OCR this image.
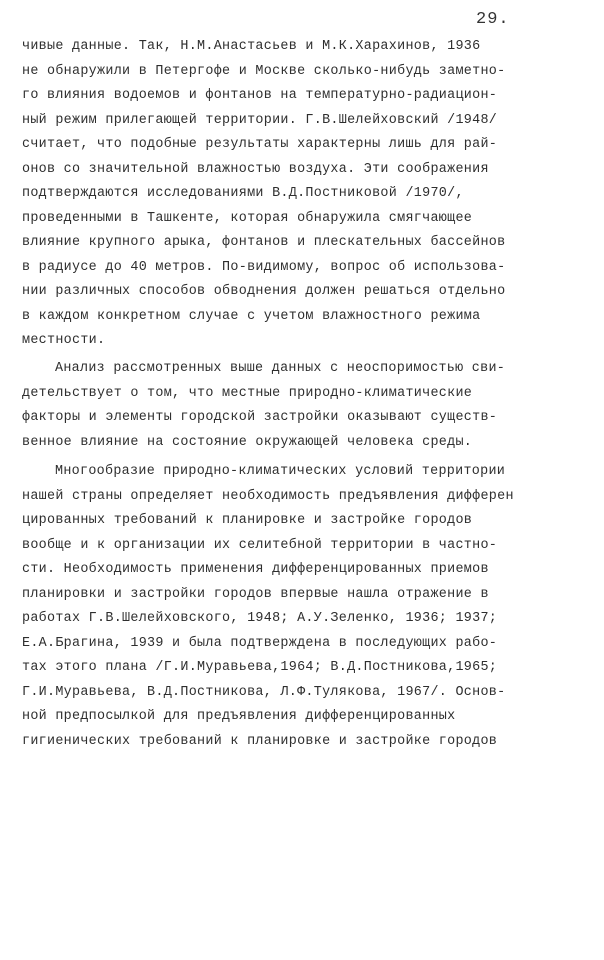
29.
чивые данные. Так, Н.М.Анастасьев и М.К.Харахинов, 1936
не обнаружили в Петергофе и Москве сколько-нибудь заметно-
го влияния водоемов и фонтанов на температурно-радиацион-
ный режим прилегающей территории. Г.В.Шелейховский /1948/
считает, что подобные результаты характерны лишь для рай-
онов со значительной влажностью воздуха. Эти соображения
подтверждаются исследованиями В.Д.Постниковой /1970/,
проведенными в Ташкенте, которая обнаружила смягчающее
влияние крупного арыка, фонтанов и плескательных бассейнов
в радиусе до 40 метров. По-видимому, вопрос об использова-
нии различных способов обводнения должен решаться отдельно
в каждом конкретном случае с учетом влажностного режима
местности.
Анализ рассмотренных выше данных с неоспоримостью сви-
детельствует о том, что местные природно-климатические
факторы и элементы городской застройки оказывают существ-
венное влияние на состояние окружающей человека среды.
Многообразие природно-климатических условий территории
нашей страны определяет необходимость предъявления дифферен
цированных требований к планировке и застройке городов
вообще и к организации их селитебной территории в частно-
сти. Необходимость применения дифференцированных приемов
планировки и застройки городов впервые нашла отражение в
работах Г.В.Шелейховского, 1948; А.У.Зеленко, 1936; 1937;
Е.А.Брагина, 1939 и была подтверждена в последующих рабо-
тах этого плана /Г.И.Муравьева,1964; В.Д.Постникова,1965;
Г.И.Муравьева, В.Д.Постникова, Л.Ф.Тулякова, 1967/. Основ-
ной предпосылкой для предъявления дифференцированных
гигиенических требований к планировке и застройке городов
